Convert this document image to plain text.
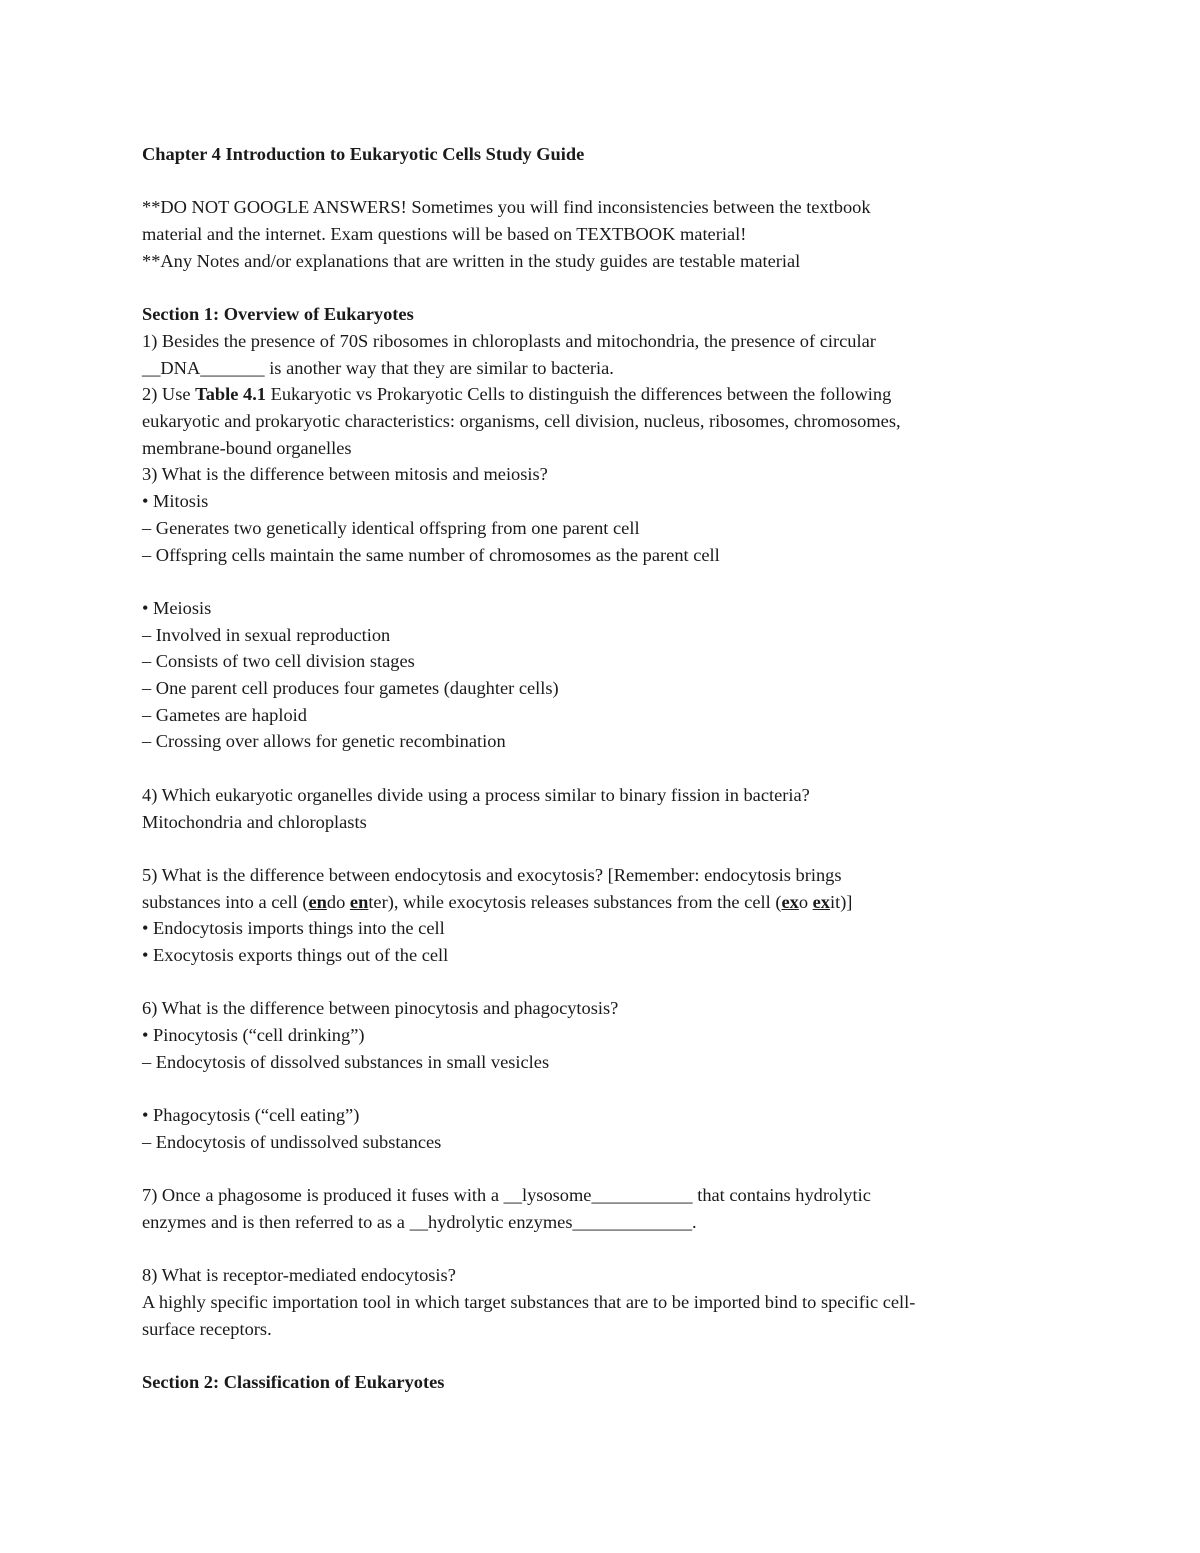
Chapter 4 Introduction to Eukaryotic Cells Study Guide
**DO NOT GOOGLE ANSWERS! Sometimes you will find inconsistencies between the textbook
material and the internet. Exam questions will be based on TEXTBOOK material!
**Any Notes and/or explanations that are written in the study guides are testable material
Section 1: Overview of Eukaryotes
1) Besides the presence of 70S ribosomes in chloroplasts and mitochondria, the presence of circular
__DNA_______ is another way that they are similar to bacteria.
2) Use Table 4.1 Eukaryotic vs Prokaryotic Cells to distinguish the differences between the following
eukaryotic and prokaryotic characteristics: organisms, cell division, nucleus, ribosomes, chromosomes,
membrane-bound organelles
3) What is the difference between mitosis and meiosis?
• Mitosis
– Generates two genetically identical offspring from one parent cell
– Offspring cells maintain the same number of chromosomes as the parent cell
• Meiosis
– Involved in sexual reproduction
– Consists of two cell division stages
– One parent cell produces four gametes (daughter cells)
– Gametes are haploid
– Crossing over allows for genetic recombination
4) Which eukaryotic organelles divide using a process similar to binary fission in bacteria?
Mitochondria and chloroplasts
5) What is the difference between endocytosis and exocytosis? [Remember: endocytosis brings
substances into a cell (endo enter), while exocytosis releases substances from the cell (exo exit)]
• Endocytosis imports things into the cell
• Exocytosis exports things out of the cell
6) What is the difference between pinocytosis and phagocytosis?
• Pinocytosis (“cell drinking”)
– Endocytosis of dissolved substances in small vesicles
• Phagocytosis (“cell eating”)
– Endocytosis of undissolved substances
7) Once a phagosome is produced it fuses with a __lysosome___________ that contains hydrolytic
enzymes and is then referred to as a __hydrolytic enzymes_____________.
8) What is receptor-mediated endocytosis?
A highly specific importation tool in which target substances that are to be imported bind to specific cell-
surface receptors.
Section 2: Classification of Eukaryotes
